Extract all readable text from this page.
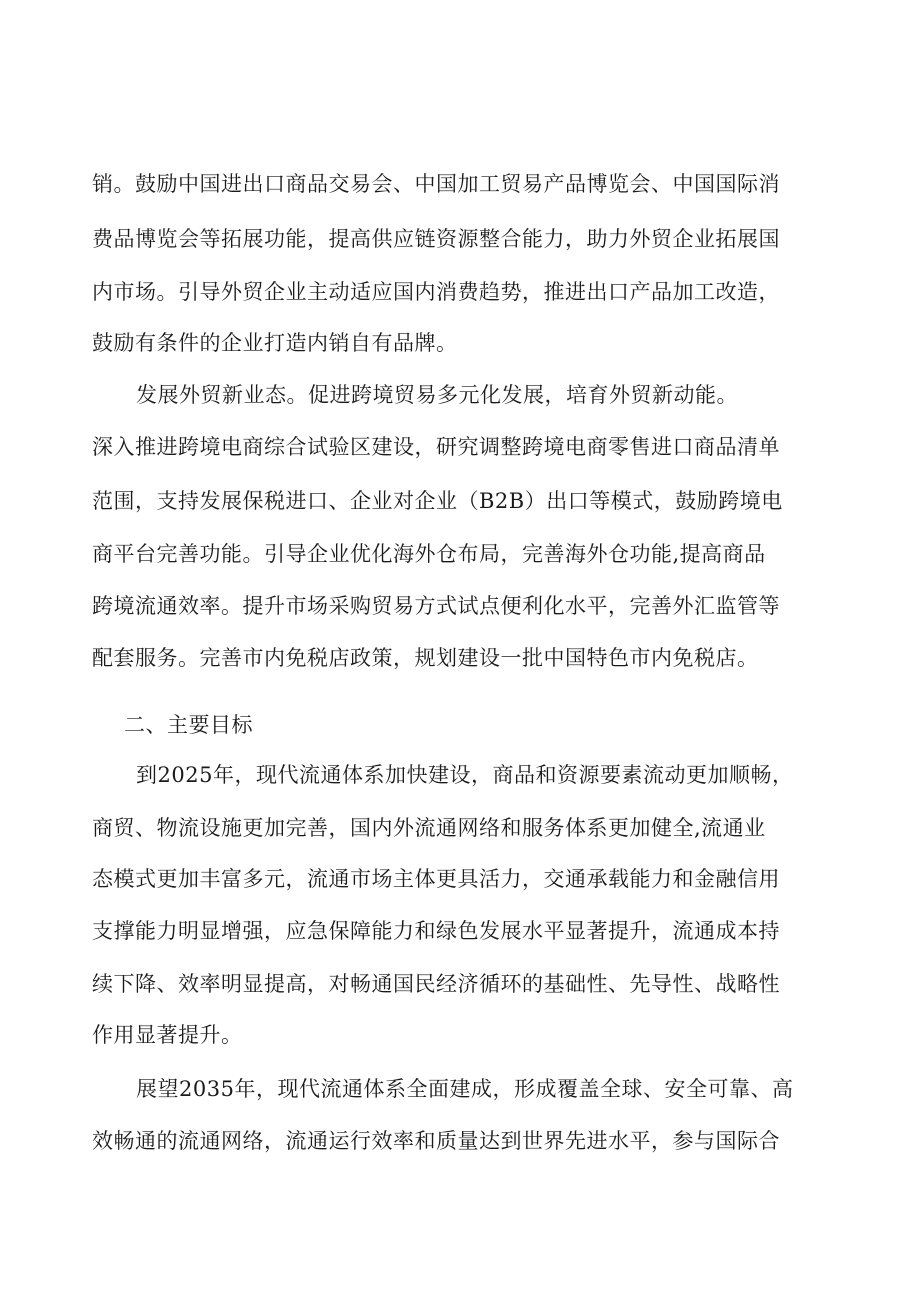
销。鼓励中国进出口商品交易会、中国加工贸易产品博览会、中国国际消
费品博览会等拓展功能，提高供应链资源整合能力，助力外贸企业拓展国
内市场。引导外贸企业主动适应国内消费趋势，推进出口产品加工改造，
鼓励有条件的企业打造内销自有品牌。
发展外贸新业态。促进跨境贸易多元化发展，培育外贸新动能。
深入推进跨境电商综合试验区建设，研究调整跨境电商零售进口商品清单
范围，支持发展保税进口、企业对企业（B2B）出口等模式，鼓励跨境电
商平台完善功能。引导企业优化海外仓布局，完善海外仓功能,提高商品
跨境流通效率。提升市场采购贸易方式试点便利化水平，完善外汇监管等
配套服务。完善市内免税店政策，规划建设一批中国特色市内免税店。
二、主要目标
到2025年，现代流通体系加快建设，商品和资源要素流动更加顺畅，
商贸、物流设施更加完善，国内外流通网络和服务体系更加健全,流通业
态模式更加丰富多元，流通市场主体更具活力，交通承载能力和金融信用
支撑能力明显增强，应急保障能力和绿色发展水平显著提升，流通成本持
续下降、效率明显提高，对畅通国民经济循环的基础性、先导性、战略性
作用显著提升。
展望2035年，现代流通体系全面建成，形成覆盖全球、安全可靠、高
效畅通的流通网络，流通运行效率和质量达到世界先进水平，参与国际合
